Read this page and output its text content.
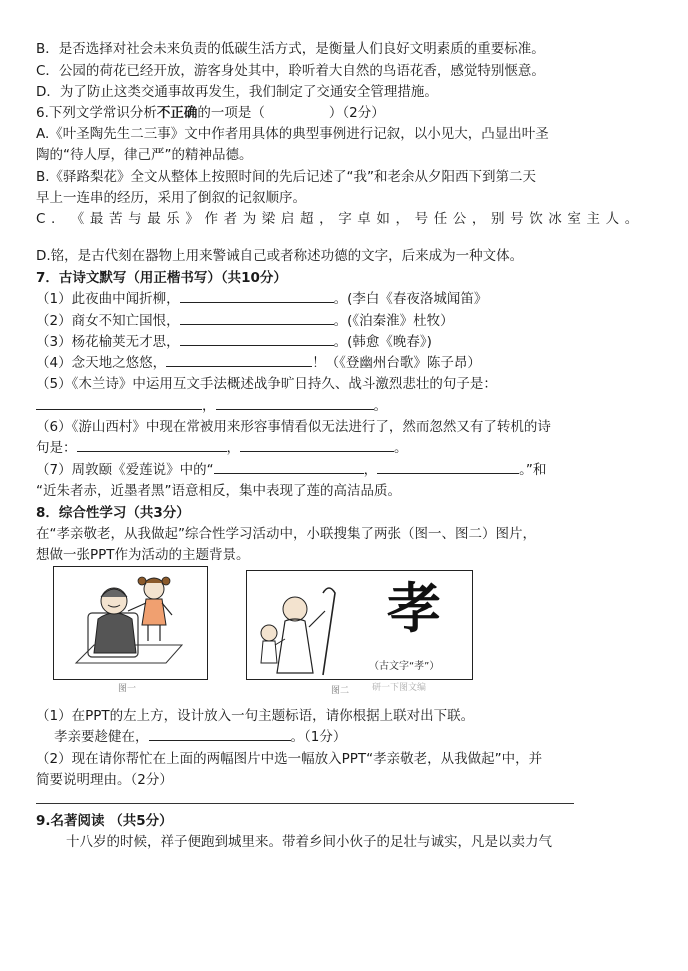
B．是否选择对社会未来负责的低碳生活方式，是衡量人们良好文明素质的重要标准。
C．公园的荷花已经开放，游客身处其中，聆听着大自然的鸟语花香，感觉特别惬意。
D．为了防止这类交通事故再发生，我们制定了交通安全管理措施。
6.下列文学常识分析不正确的一项是（	）（2分）
A.《叶圣陶先生二三事》文中作者用具体的典型事例进行记叙，以小见大，凸显出叶圣
陶的“待人厚，律己严”的精神品德。
B.《驿路梨花》全文从整体上按照时间的先后记述了“我”和老余从夕阳西下到第二天
早上一连串的经历，采用了倒叙的记叙顺序。
C. 《最苦与最乐》作者为梁启超，字卓如，号任公，别号饮冰室主人。
D.铭，是古代刻在器物上用来警诫自己或者称述功德的文字，后来成为一种文体。
7．古诗文默写（用正楷书写）（共10分）
（1）此夜曲中闻折柳，	。(李白《春夜洛城闻笛》
（2）商女不知亡国恨，	。(《泊秦淮》杜牧）
（3）杨花榆荚无才思，	。(韩愈《晚春》)
（4）念天地之悠悠，	！（《登幽州台歌》陈子昂）
（5）《木兰诗》中运用互文手法概述战争旷日持久、战斗激烈悲壮的句子是：
，	。
（6）《游山西村》中现在常被用来形容事情看似无法进行了，然而忽然又有了转机的诗
句是：	，	。
（7）周敦颐《爱莲说》中的“	，	。”和
“近朱者赤，近墨者黑”语意相反，集中表现了莲的高洁品质。
8．综合性学习（共3分）
在“孝亲敬老，从我做起”综合性学习活动中，小联搜集了两张（图一、图二）图片，
想做一张PPT作为活动的主题背景。
图一
孝
（古文字“孝”）
图二	研一下图文编
（1）在PPT的左上方，设计放入一句主题标语，请你根据上联对出下联。
孝亲要趁健在，	。（1分）
（2）现在请你帮忙在上面的两幅图片中选一幅放入PPT“孝亲敬老，从我做起”中，并
简要说明理由。（2分）
9.名著阅读 （共5分）
十八岁的时候，祥子便跑到城里来。带着乡间小伙子的足壮与诚实，凡是以卖力气
